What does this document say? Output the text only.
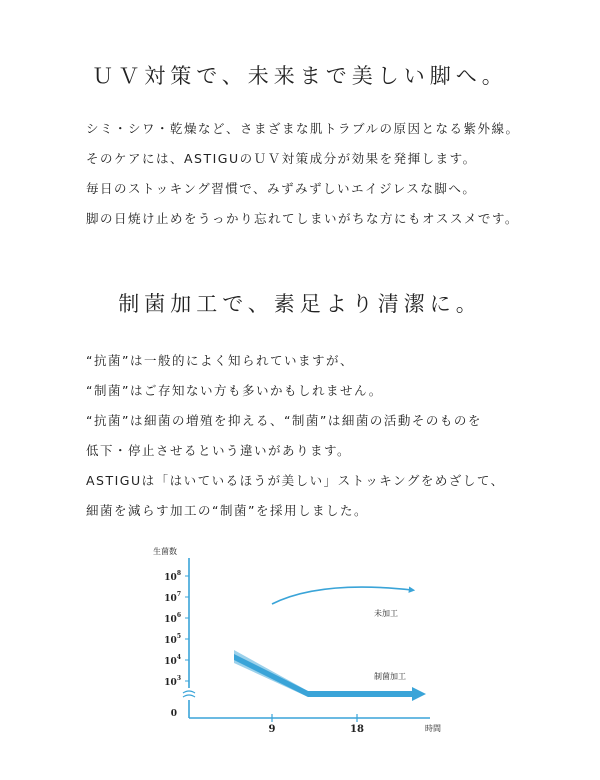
ＵＶ対策で、未来まで美しい脚へ。
シミ・シワ・乾燥など、さまざまな肌トラブルの原因となる紫外線。
そのケアには、ASTIGUのＵＶ対策成分が効果を発揮します。
毎日のストッキング習慣で、みずみずしいエイジレスな脚へ。
脚の日焼け止めをうっかり忘れてしまいがちな方にもオススメです。
制菌加工で、素足より清潔に。
“抗菌”は一般的によく知られていますが、
“制菌”はご存知ない方も多いかもしれません。
“抗菌”は細菌の増殖を抑える、“制菌”は細菌の活動そのものを
低下・停止させるという違いがあります。
ASTIGUは「はいているほうが美しい」ストッキングをめざして、
細菌を減らす加工の“制菌”を採用しました。
生菌数
$10^8$
$10^7$
$10^6$
$10^5$
$10^4$
$10^3$
0
9	18	時間
未加工
制菌加工
